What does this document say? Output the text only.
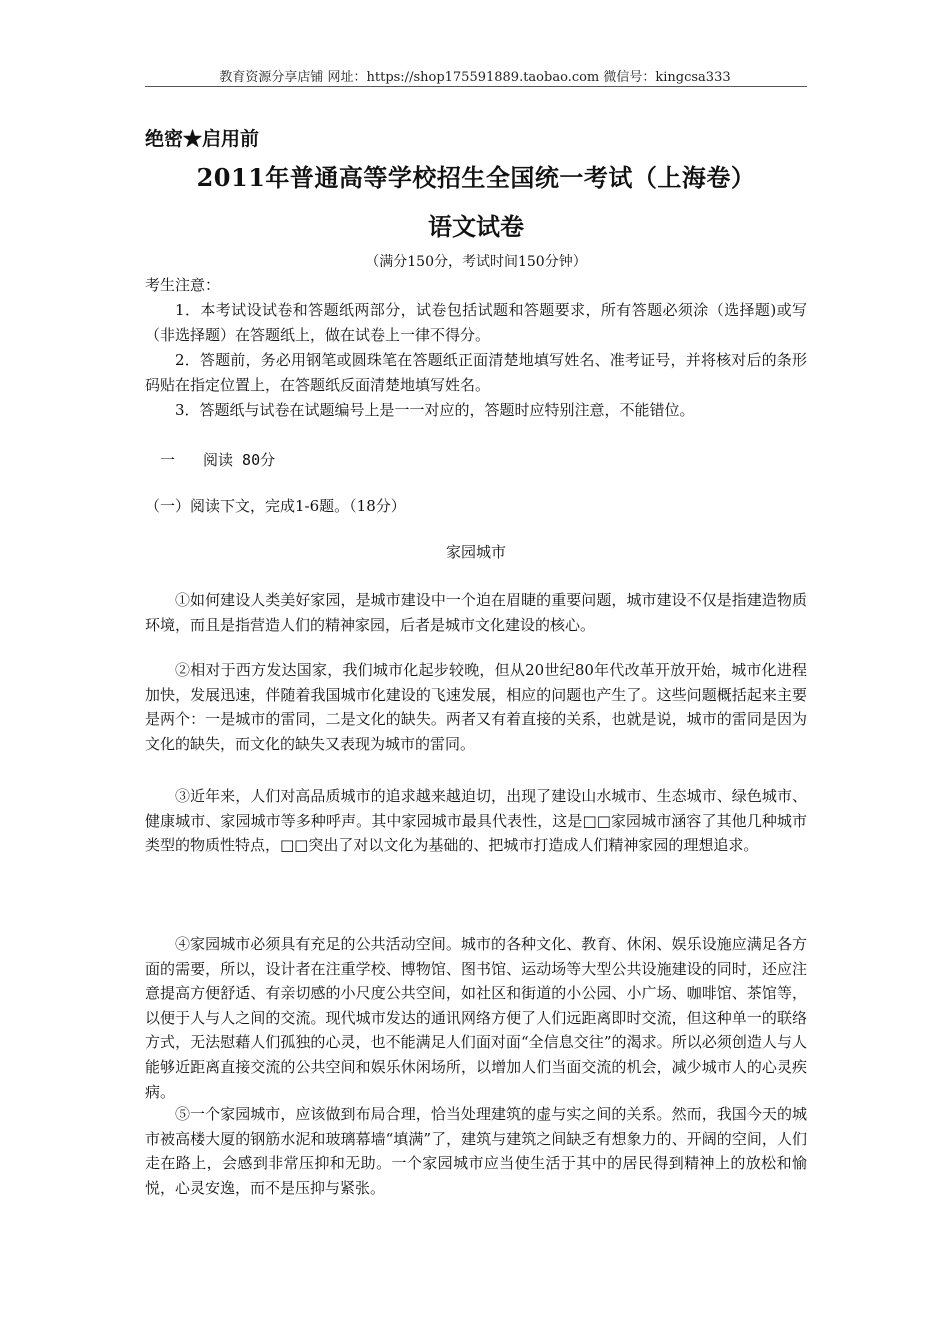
教育资源分享店铺 网址：https://shop175591889.taobao.com 微信号：kingcsa333
绝密★启用前
2011年普通高等学校招生全国统一考试（上海卷）
语文试卷
（满分150分，考试时间150分钟）
考生注意：

1．本考试设试卷和答题纸两部分，试卷包括试题和答题要求，所有答题必须涂（选择题)或写（非选择题）在答题纸上，做在试卷上一律不得分。

2．答题前，务必用钢笔或圆珠笔在答题纸正面清楚地填写姓名、准考证号，并将核对后的条形码贴在指定位置上，在答题纸反面清楚地填写姓名。

3．答题纸与试卷在试题编号上是一一对应的，答题时应特别注意，不能错位。

一 阅读 80分
（一）阅读下文，完成1-6题。（18分）
家园城市

①如何建设人类美好家园，是城市建设中一个迫在眉睫的重要问题，城市建设不仅是指建造物质环境，而且是指营造人们的精神家园，后者是城市文化建设的核心。

②相对于西方发达国家，我们城市化起步较晚，但从20世纪80年代改革开放开始，城市化进程加快，发展迅速，伴随着我国城市化建设的飞速发展，相应的问题也产生了。这些问题概括起来主要是两个：一是城市的雷同，二是文化的缺失。两者又有着直接的关系，也就是说，城市的雷同是因为文化的缺失，而文化的缺失又表现为城市的雷同。

③近年来，人们对高品质城市的追求越来越迫切，出现了建设山水城市、生态城市、绿色城市、健康城市、家园城市等多种呼声。其中家园城市最具代表性，这是□□家园城市涵容了其他几种城市类型的物质性特点，□□突出了对以文化为基础的、把城市打造成人们精神家园的理想追求。

④家园城市必须具有充足的公共活动空间。城市的各种文化、教育、休闲、娱乐设施应满足各方面的需要，所以，设计者在注重学校、博物馆、图书馆、运动场等大型公共设施建设的同时，还应注意提高方便舒适、有亲切感的小尺度公共空间，如社区和街道的小公园、小广场、咖啡馆、茶馆等，以便于人与人之间的交流。现代城市发达的通讯网络方便了人们远距离即时交流，但这种单一的联络方式，无法慰藉人们孤独的心灵，也不能满足人们面对面“全信息交往”的渴求。所以必须创造人与人能够近距离直接交流的公共空间和娱乐休闲场所，以增加人们当面交流的机会，减少城市人的心灵疾病。

⑤一个家园城市，应该做到布局合理，恰当处理建筑的虚与实之间的关系。然而，我国今天的城市被高楼大厦的钢筋水泥和玻璃幕墙“填满”了，建筑与建筑之间缺乏有想象力的、开阔的空间，人们走在路上，会感到非常压抑和无助。一个家园城市应当使生活于其中的居民得到精神上的放松和愉悦，心灵安逸，而不是压抑与紧张。
